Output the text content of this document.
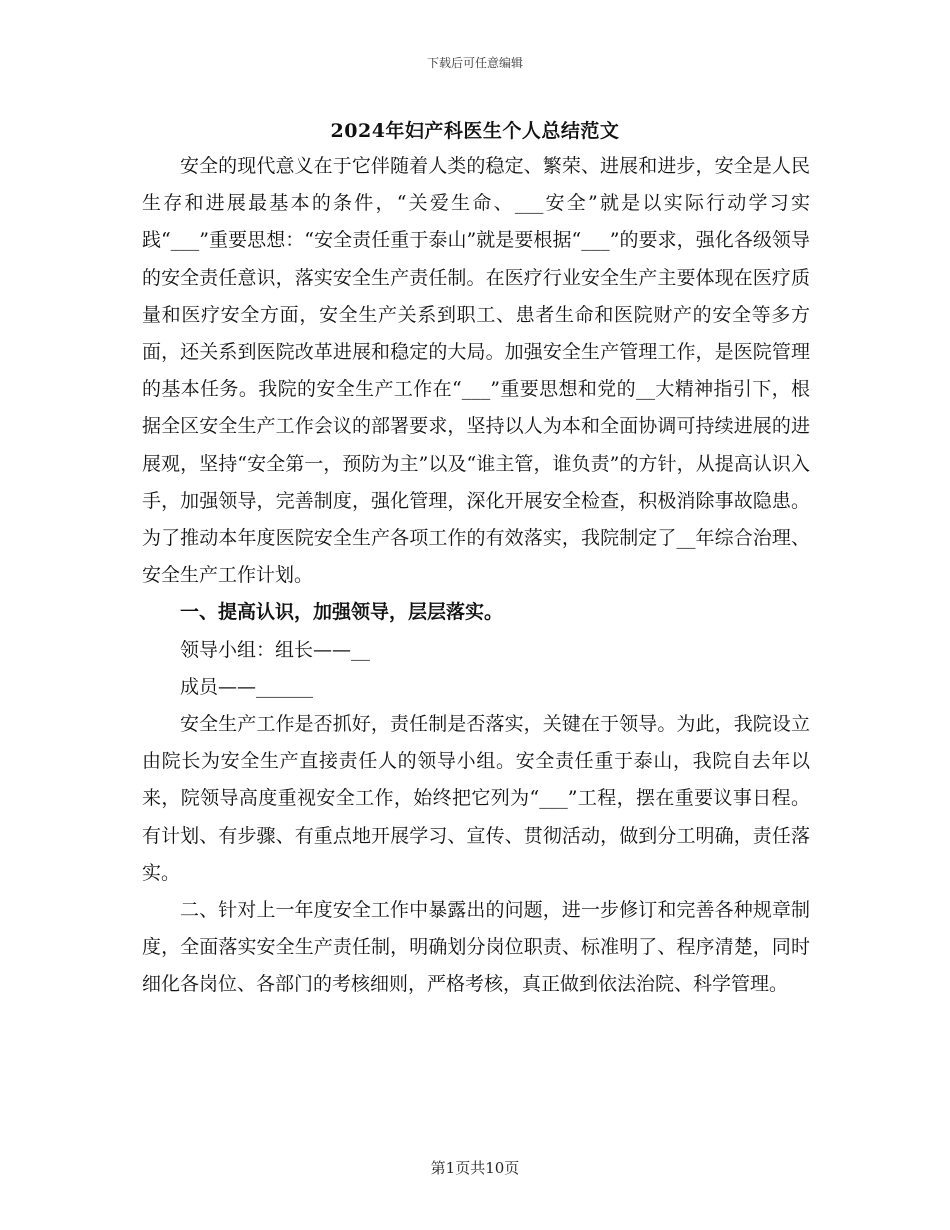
下载后可任意编辑
2024年妇产科医生个人总结范文

安全的现代意义在于它伴随着人类的稳定、繁荣、进展和进步，安全是人民生存和进展最基本的条件，“关爱生命、___安全”就是以实际行动学习实践“___”重要思想：“安全责任重于泰山”就是要根据“___”的要求，强化各级领导的安全责任意识，落实安全生产责任制。在医疗行业安全生产主要体现在医疗质量和医疗安全方面，安全生产关系到职工、患者生命和医院财产的安全等多方面，还关系到医院改革进展和稳定的大局。加强安全生产管理工作，是医院管理的基本任务。我院的安全生产工作在“___”重要思想和党的__大精神指引下，根据全区安全生产工作会议的部署要求，坚持以人为本和全面协调可持续进展的进展观，坚持“安全第一，预防为主”以及“谁主管，谁负责”的方针，从提高认识入手，加强领导，完善制度，强化管理，深化开展安全检查，积极消除事故隐患。为了推动本年度医院安全生产各项工作的有效落实，我院制定了__年综合治理、安全生产工作计划。

一、提高认识，加强领导，层层落实。

领导小组：组长——__

成员——______

安全生产工作是否抓好，责任制是否落实，关键在于领导。为此，我院设立由院长为安全生产直接责任人的领导小组。安全责任重于泰山，我院自去年以来，院领导高度重视安全工作，始终把它列为“___”工程，摆在重要议事日程。有计划、有步骤、有重点地开展学习、宣传、贯彻活动，做到分工明确，责任落实。

二、针对上一年度安全工作中暴露出的问题，进一步修订和完善各种规章制度，全面落实安全生产责任制，明确划分岗位职责、标准明了、程序清楚，同时细化各岗位、各部门的考核细则，严格考核，真正做到依法治院、科学管理。

第1页共10页
